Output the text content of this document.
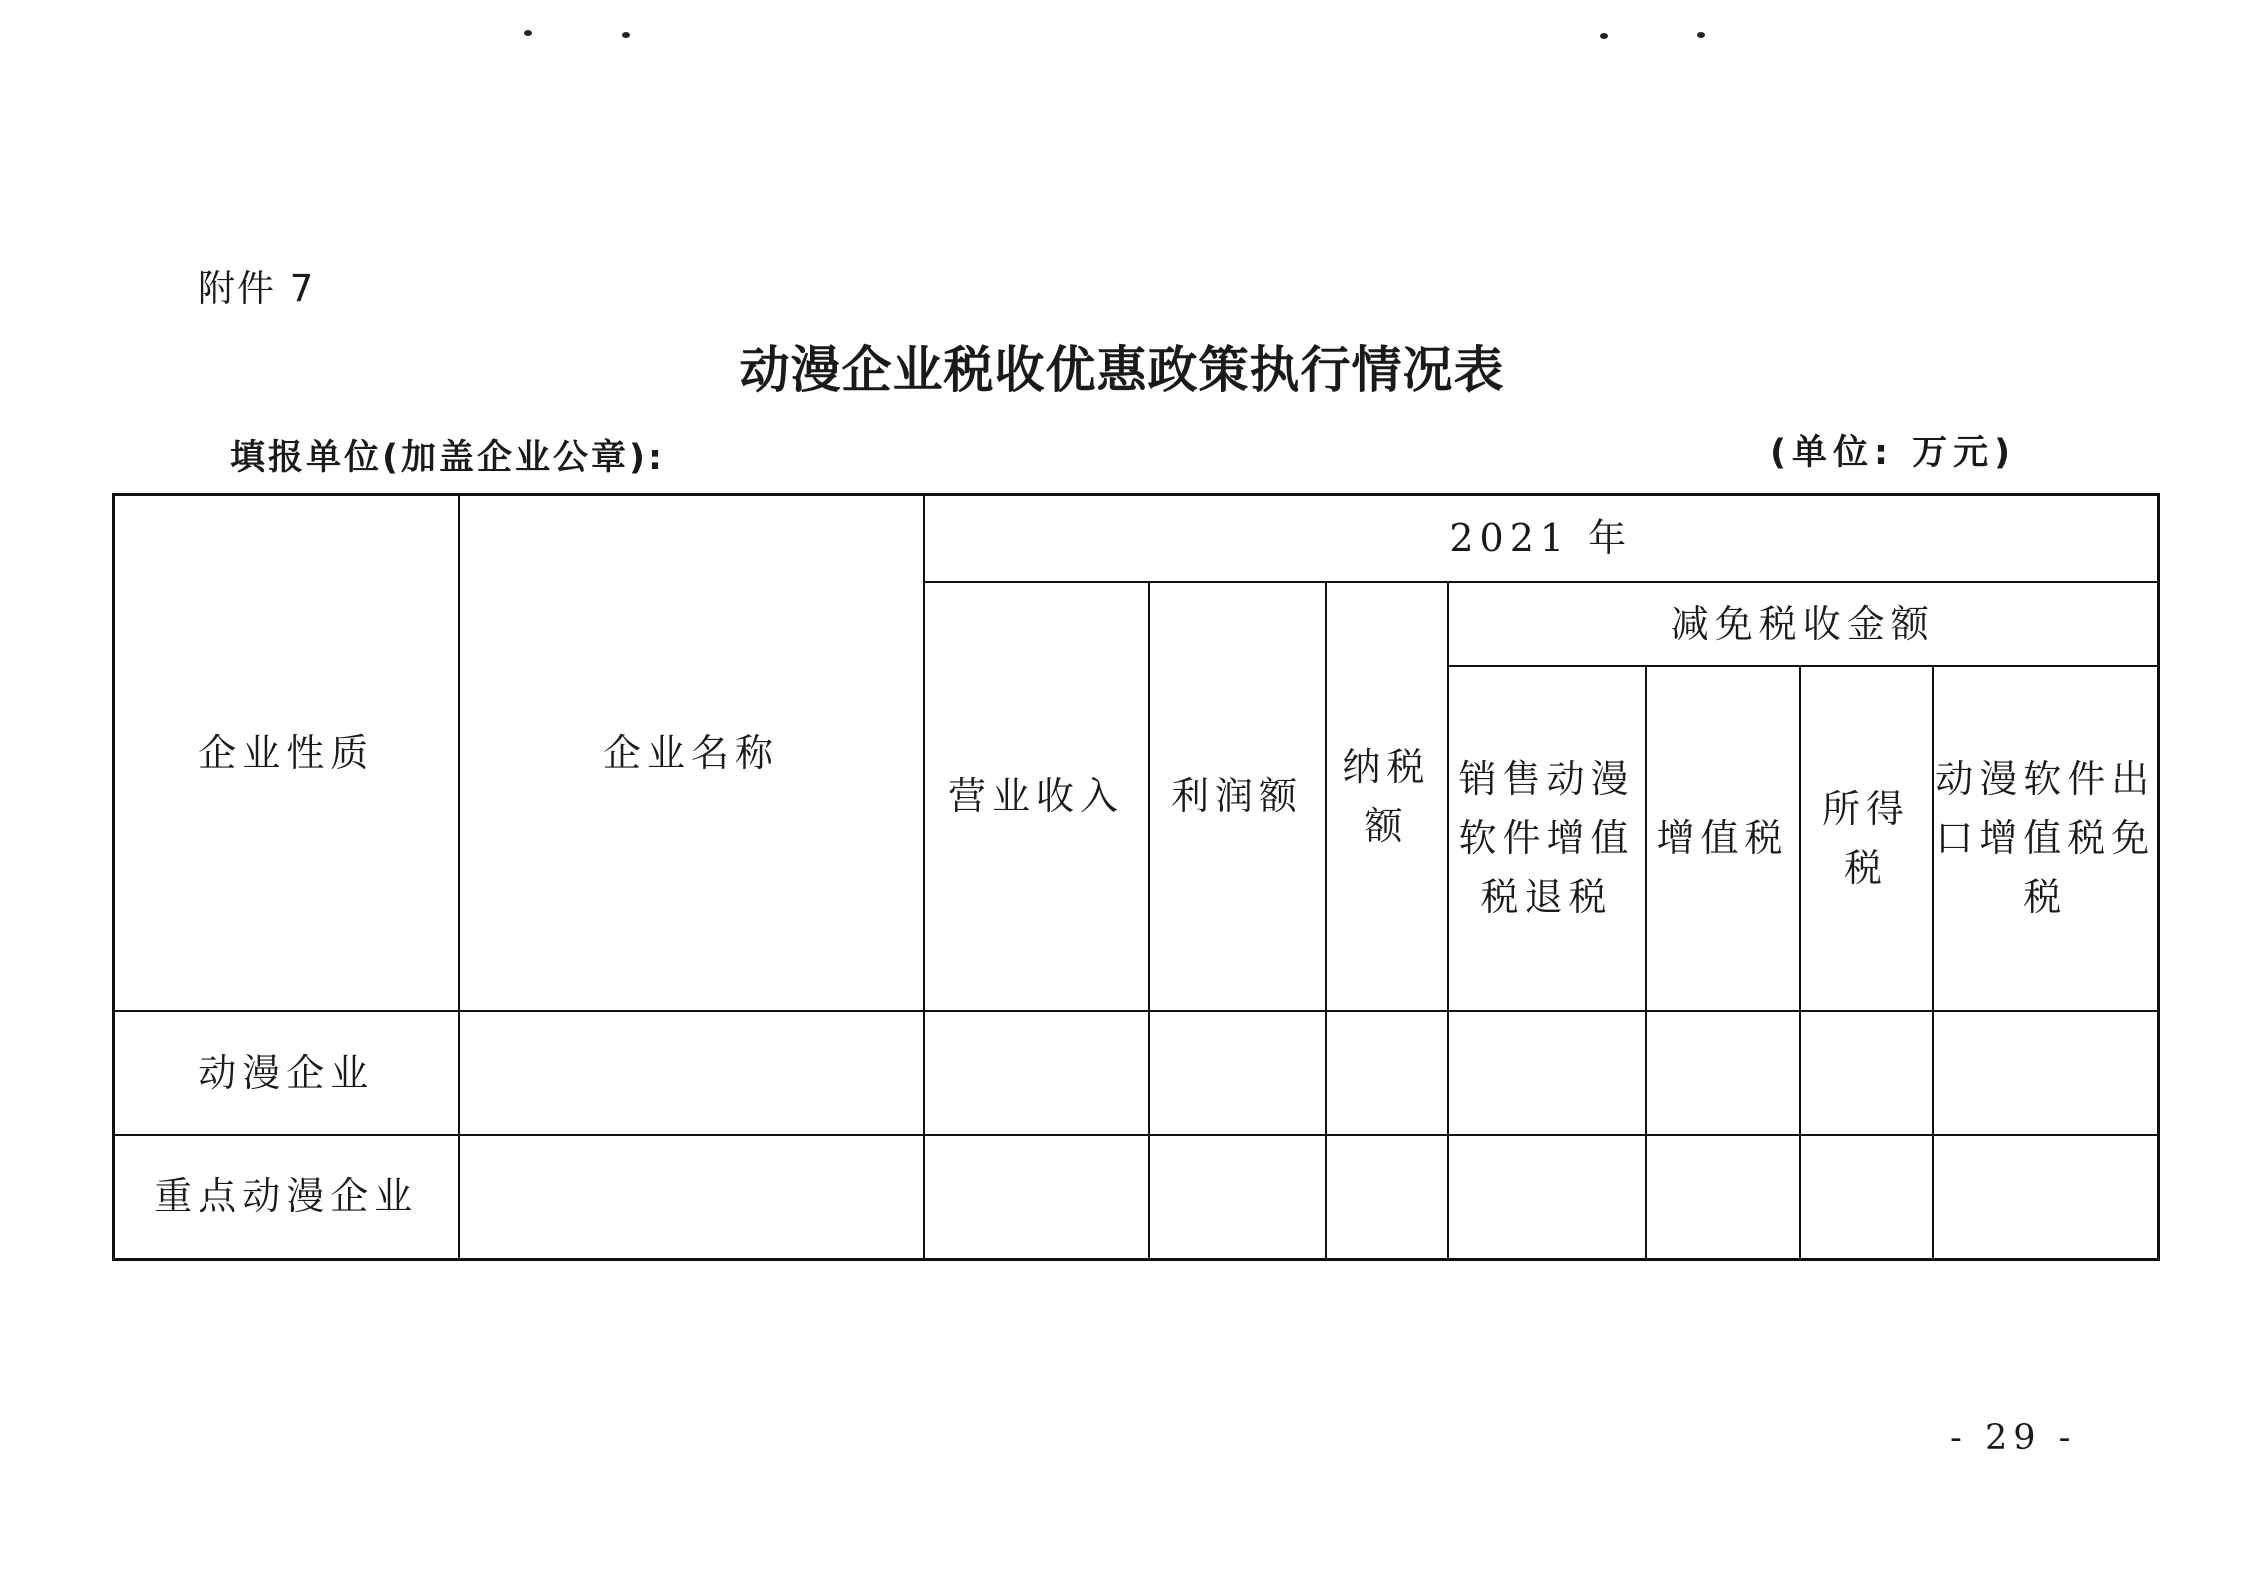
附件 7
动漫企业税收优惠政策执行情况表
填报单位(加盖企业公章):	(单位: 万元)
企业性质	企业名称	2021 年						
		营业收入	利润额	纳税额	减免税收金额			
					销售动漫软件增值税退税	增值税	所得税	动漫软件出口增值税免税
动漫企业								
重点动漫企业								
- 29 -
